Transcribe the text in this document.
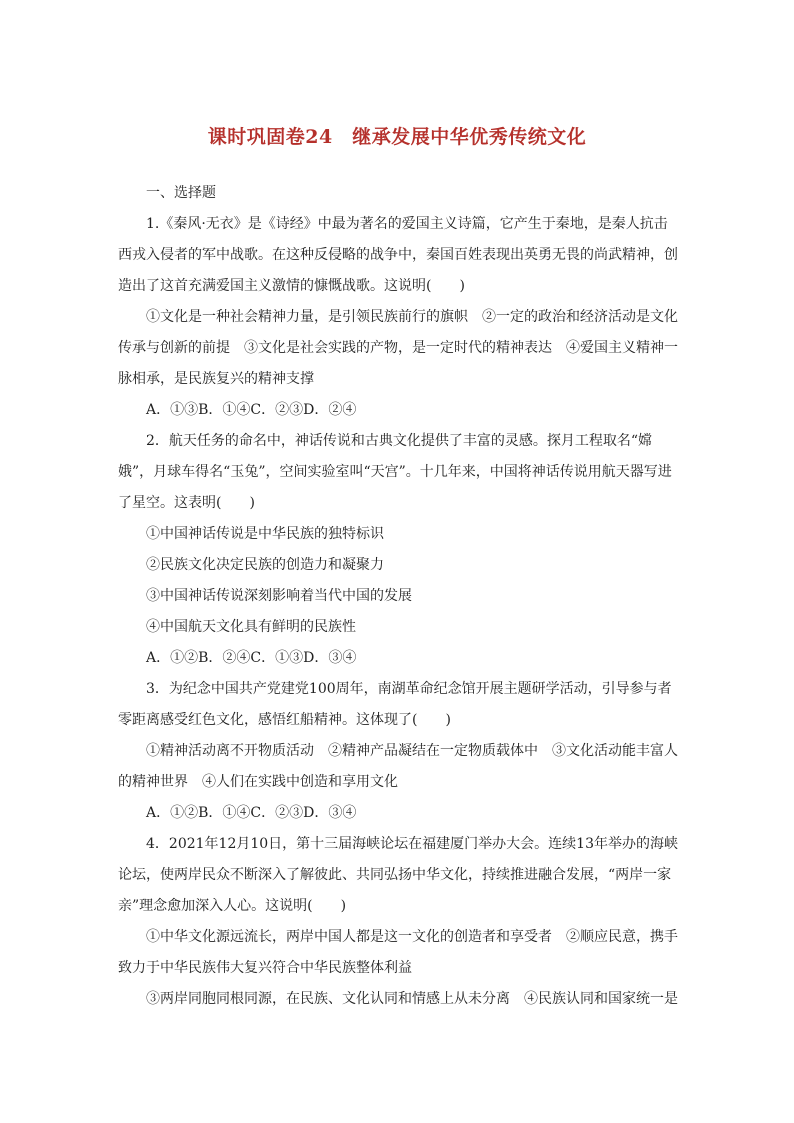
课时巩固卷24　继承发展中华优秀传统文化

一、选择题

1.《秦风·无衣》是《诗经》中最为著名的爱国主义诗篇，它产生于秦地，是秦人抗击西戎入侵者的军中战歌。在这种反侵略的战争中，秦国百姓表现出英勇无畏的尚武精神，创造出了这首充满爱国主义激情的慷慨战歌。这说明(　　)

①文化是一种社会精神力量，是引领民族前行的旗帜　②一定的政治和经济活动是文化传承与创新的前提　③文化是社会实践的产物，是一定时代的精神表达　④爱国主义精神一脉相承，是民族复兴的精神支撑

A．①③B．①④C．②③D．②④

2．航天任务的命名中，神话传说和古典文化提供了丰富的灵感。探月工程取名“嫦娥”，月球车得名“玉兔”，空间实验室叫“天宫”。十几年来，中国将神话传说用航天器写进了星空。这表明(　　)

①中国神话传说是中华民族的独特标识

②民族文化决定民族的创造力和凝聚力

③中国神话传说深刻影响着当代中国的发展

④中国航天文化具有鲜明的民族性

A．①②B．②④C．①③D．③④

3．为纪念中国共产党建党100周年，南湖革命纪念馆开展主题研学活动，引导参与者零距离感受红色文化，感悟红船精神。这体现了(　　)

①精神活动离不开物质活动　②精神产品凝结在一定物质载体中　③文化活动能丰富人的精神世界　④人们在实践中创造和享用文化

A．①②B．①④C．②③D．③④

4．2021年12月10日，第十三届海峡论坛在福建厦门举办大会。连续13年举办的海峡论坛，使两岸民众不断深入了解彼此、共同弘扬中华文化，持续推进融合发展，“两岸一家亲”理念愈加深入人心。这说明(　　)

①中华文化源远流长，两岸中国人都是这一文化的创造者和享受者　②顺应民意，携手致力于中华民族伟大复兴符合中华民族整体利益

③两岸同胞同根同源，在民族、文化认同和情感上从未分离　④民族认同和国家统一是
